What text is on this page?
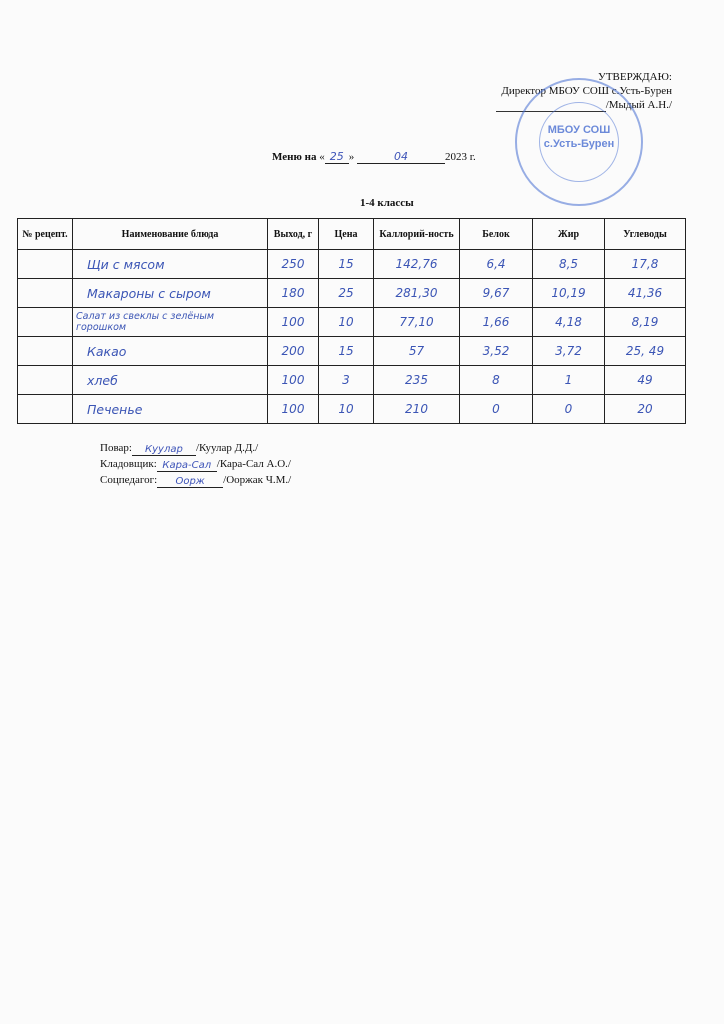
УТВЕРЖДАЮ:
Директор МБОУ СОШ с.Усть-Бурен
/Мыдый А.Н./
МБОУ СОШ
с.Усть-Бурен
Меню на « 25 »	04	2023 г.
1-4 классы
№ рецепт.	Наименование блюда	Выход, г	Цена	Каллорий-ность	Белок	Жир	Углеводы
	Щи с мясом	250	15	142,76	6,4	8,5	17,8
	Макароны с сыром	180	25	281,30	9,67	10,19	41,36
	Салат из свеклы с зелёным горошком	100	10	77,10	1,66	4,18	8,19
	Какао	200	15	57	3,52	3,72	25, 49
	хлеб	100	3	235	8	1	49
	Печенье	100	10	210	0	0	20
Повар: Куулар /Куулар Д.Д./
Кладовщик: Кара-Сал /Кара-Сал А.О./
Соцпедагог: Оорж /Ооржак Ч.М./
